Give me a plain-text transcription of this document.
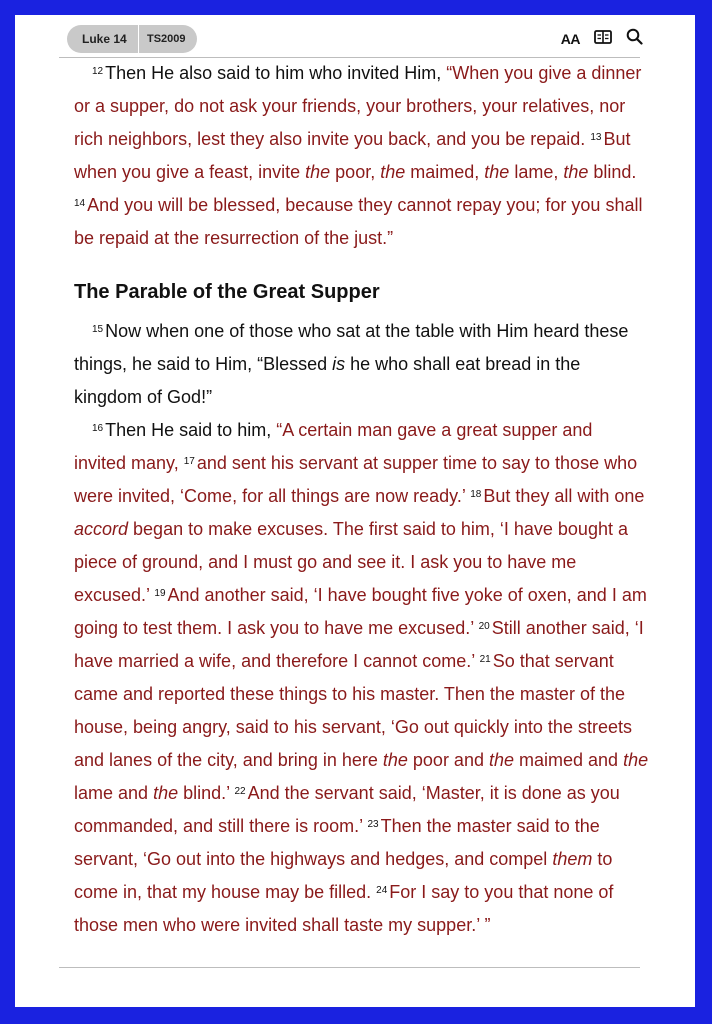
Luke 14	TS2009	AA

$^{12}$ Then He also said to him who invited Him, “When you give a dinner or a supper, do not ask your friends, your brothers, your relatives, nor rich neighbors, lest they also invite you back, and you be repaid. $^{13}$ But when you give a feast, invite the poor, the maimed, the lame, the blind. $^{14}$ And you will be blessed, because they cannot repay you; for you shall be repaid at the resurrection of the just.”

The Parable of the Great Supper

$^{15}$ Now when one of those who sat at the table with Him heard these things, he said to Him, “Blessed is he who shall eat bread in the kingdom of God!”

$^{16}$ Then He said to him, “A certain man gave a great supper and invited many, $^{17}$ and sent his servant at supper time to say to those who were invited, ‘Come, for all things are now ready.’ $^{18}$ But they all with one accord began to make excuses. The first said to him, ‘I have bought a piece of ground, and I must go and see it. I ask you to have me excused.’ $^{19}$ And another said, ‘I have bought five yoke of oxen, and I am going to test them. I ask you to have me excused.’ $^{20}$ Still another said, ‘I have married a wife, and therefore I cannot come.’ $^{21}$ So that servant came and reported these things to his master. Then the master of the house, being angry, said to his servant, ‘Go out quickly into the streets and lanes of the city, and bring in here the poor and the maimed and the lame and the blind.’ $^{22}$ And the servant said, ‘Master, it is done as you commanded, and still there is room.’ $^{23}$ Then the master said to the servant, ‘Go out into the highways and hedges, and compel them to come in, that my house may be filled. $^{24}$ For I say to you that none of those men who were invited shall taste my supper.’ ”
